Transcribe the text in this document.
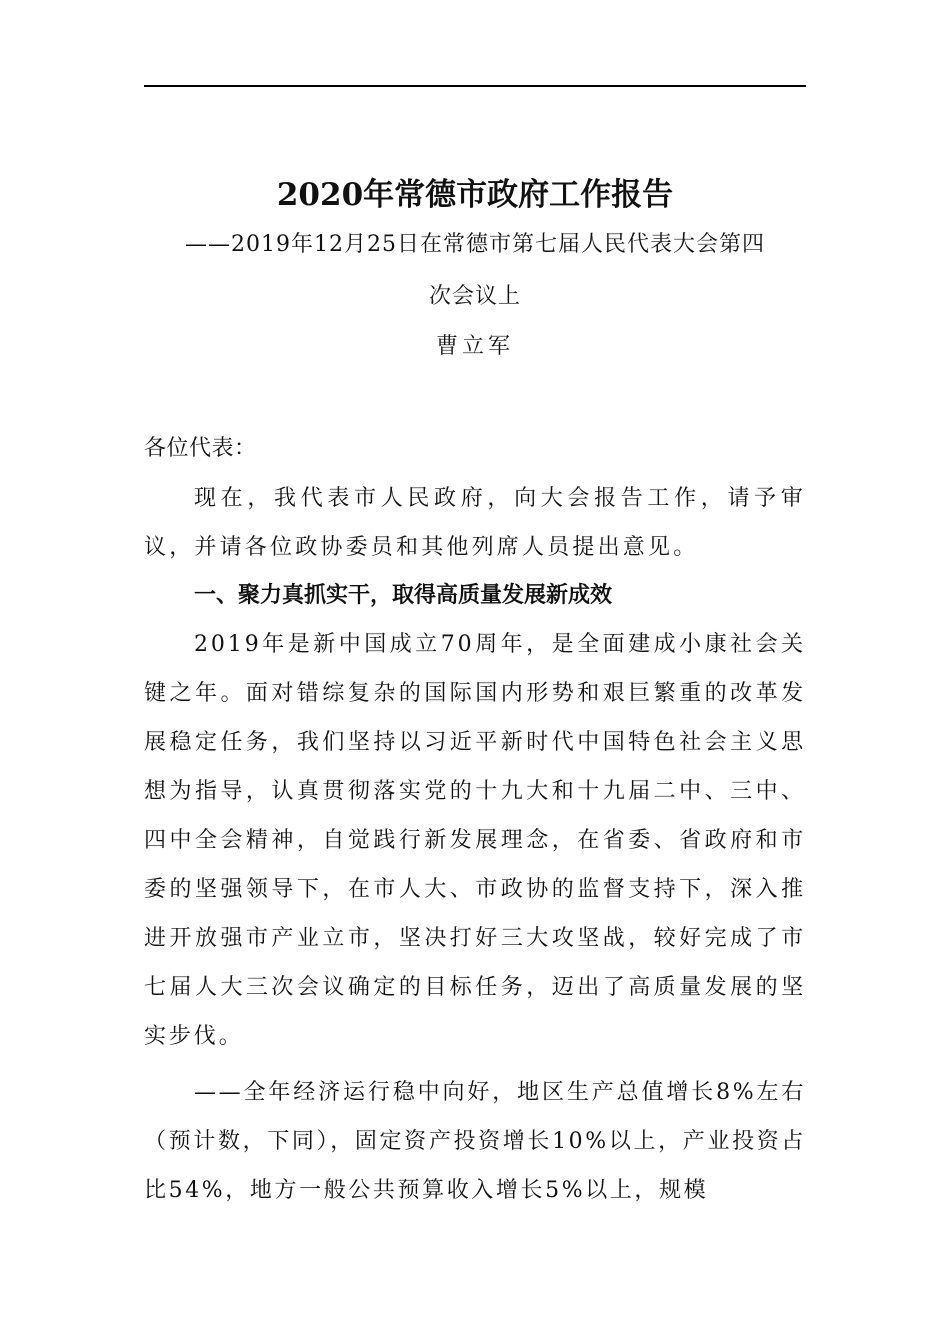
2020年常德市政府工作报告
——2019年12月25日在常德市第七届人民代表大会第四
次会议上
曹立军
各位代表：
现在，我代表市人民政府，向大会报告工作，请予审议，并请各位政协委员和其他列席人员提出意见。
一、聚力真抓实干，取得高质量发展新成效
2019年是新中国成立70周年，是全面建成小康社会关键之年。面对错综复杂的国际国内形势和艰巨繁重的改革发展稳定任务，我们坚持以习近平新时代中国特色社会主义思想为指导，认真贯彻落实党的十九大和十九届二中、三中、四中全会精神，自觉践行新发展理念，在省委、省政府和市委的坚强领导下，在市人大、市政协的监督支持下，深入推进开放强市产业立市，坚决打好三大攻坚战，较好完成了市七届人大三次会议确定的目标任务，迈出了高质量发展的坚实步伐。
——全年经济运行稳中向好，地区生产总值增长8%左右（预计数，下同），固定资产投资增长10%以上，产业投资占比54%，地方一般公共预算收入增长5%以上，规模
